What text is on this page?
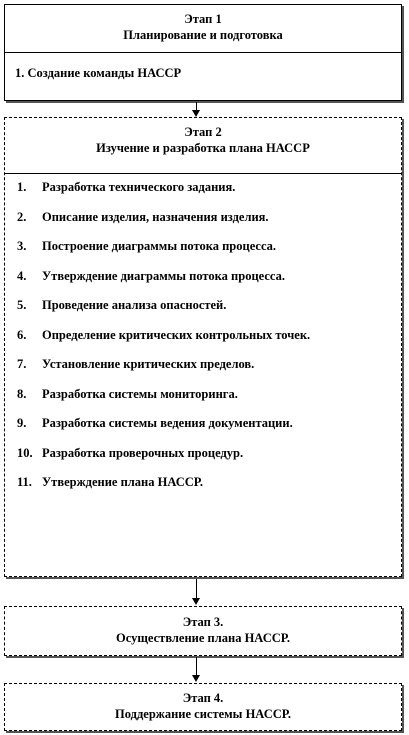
Этап 1
Планирование и подготовка
1. Создание команды НАССР
Этап 2
Изучение и разработка плана НАССР
1. Разработка технического задания.
2. Описание изделия, назначения изделия.
3. Построение диаграммы потока процесса.
4. Утверждение диаграммы потока процесса.
5. Проведение анализа опасностей.
6. Определение критических контрольных точек.
7. Установление критических пределов.
8. Разработка системы мониторинга.
9. Разработка системы ведения документации.
10. Разработка проверочных процедур.
11. Утверждение плана НАССР.
Этап 3.
Осуществление плана НАССР.
Этап 4.
Поддержание системы НАССР.
